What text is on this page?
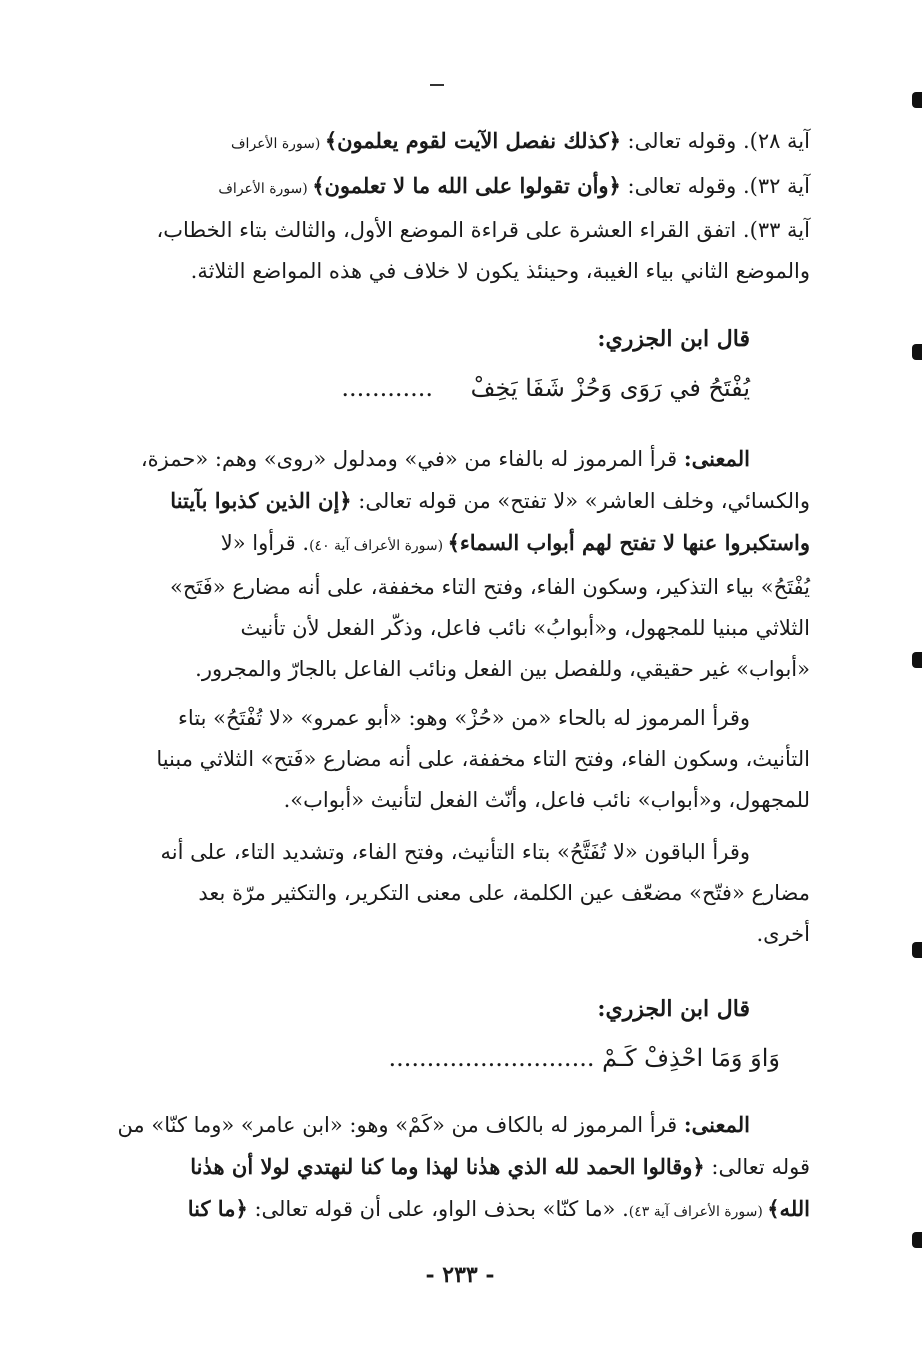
آية ٢٨). وقوله تعالى: ﴿كذلك نفصل الآيت لقوم يعلمون﴾ (سورة الأعراف
آية ٣٢). وقوله تعالى: ﴿وأن تقولوا على الله ما لا تعلمون﴾ (سورة الأعراف
آية ٣٣). اتفق القراء العشرة على قراءة الموضع الأول، والثالث بتاء الخطاب،
والموضع الثاني بياء الغيبة، وحينئذ يكون لا خلاف في هذه المواضع الثلاثة.
قال ابن الجزري:
يُفْتَحُ في رَوَى وَحُزْ شَفَا يَخِفْ ............
المعنى: قرأ المرموز له بالفاء من «في» ومدلول «روى» وهم: «حمزة،
والكسائي، وخلف العاشر» «لا تفتح» من قوله تعالى: ﴿إن الذين كذبوا بآيتنا
واستكبروا عنها لا تفتح لهم أبواب السماء﴾ (سورة الأعراف آية ٤٠). قرأوا «لا
يُفْتَحُ» بياء التذكير، وسكون الفاء، وفتح التاء مخففة، على أنه مضارع «فَتَح»
الثلاثي مبنيا للمجهول، و«أبوابُ» نائب فاعل، وذكّر الفعل لأن تأنيث
«أبواب» غير حقيقي، وللفصل بين الفعل ونائب الفاعل بالجارّ والمجرور.
وقرأ المرموز له بالحاء «من «حُزْ» وهو: «أبو عمرو» «لا تُفْتَحُ» بتاء
التأنيث، وسكون الفاء، وفتح التاء مخففة، على أنه مضارع «فَتح» الثلاثي مبنيا
للمجهول، و«أبواب» نائب فاعل، وأنّث الفعل لتأنيث «أبواب».
وقرأ الباقون «لا تُفَتَّحُ» بتاء التأنيث، وفتح الفاء، وتشديد التاء، على أنه
مضارع «فتّح» مضعّف عين الكلمة، على معنى التكرير، والتكثير مرّة بعد
أخرى.
قال ابن الجزري:
وَاوَ وَمَا احْذِفْ كَـمْ ...........................
المعنى: قرأ المرموز له بالكاف من «كَمْ» وهو: «ابن عامر» «وما كنّا» من
قوله تعالى: ﴿وقالوا الحمد لله الذي هدٰنا لهذا وما كنا لنهتدي لولا أن هدٰنا
الله﴾ (سورة الأعراف آية ٤٣). «ما كنّا» بحذف الواو، على أن قوله تعالى: ﴿ما كنا
- ٢٣٣ -
